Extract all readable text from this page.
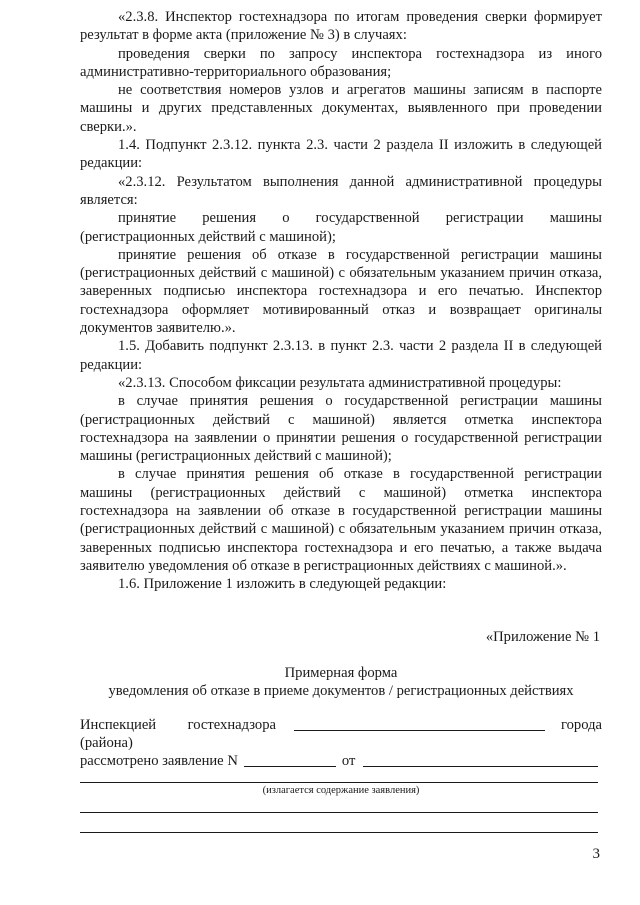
«2.3.8. Инспектор гостехнадзора по итогам проведения сверки формирует результат в форме акта (приложение № 3) в случаях:

проведения сверки по запросу инспектора гостехнадзора из иного административно-территориального образования;

не соответствия номеров узлов и агрегатов машины записям в паспорте машины и других представленных документах, выявленного при проведении сверки.».

1.4. Подпункт 2.3.12. пункта 2.3. части 2 раздела II изложить в следующей редакции:

«2.3.12. Результатом выполнения данной административной процедуры является:

принятие решения о государственной регистрации машины

(регистрационных действий с машиной);

принятие решения об отказе в государственной регистрации машины (регистрационных действий с машиной) с обязательным указанием причин отказа, заверенных подписью инспектора гостехнадзора и его печатью. Инспектор гостехнадзора оформляет мотивированный отказ и возвращает оригиналы документов заявителю.».

1.5. Добавить подпункт 2.3.13. в пункт 2.3. части 2 раздела II в следующей редакции:

«2.3.13. Способом фиксации результата административной процедуры:

в случае принятия решения о государственной регистрации машины (регистрационных действий с машиной) является отметка инспектора гостехнадзора на заявлении о принятии решения о государственной регистрации машины (регистрационных действий с машиной);

в случае принятия решения об отказе в государственной регистрации машины (регистрационных действий с машиной) отметка инспектора гостехнадзора на заявлении об отказе в государственной регистрации машины (регистрационных действий с машиной) с обязательным указанием причин отказа, заверенных подписью инспектора гостехнадзора и его печатью, а также выдача заявителю уведомления об отказе в регистрационных действиях с машиной.».

1.6. Приложение 1 изложить в следующей редакции:

«Приложение № 1
Примерная форма
уведомления об отказе в приеме документов / регистрационных действиях
Инспекцией гостехнадзора	города
(района)
рассмотрено заявление N	от
(излагается содержание заявления)
3
